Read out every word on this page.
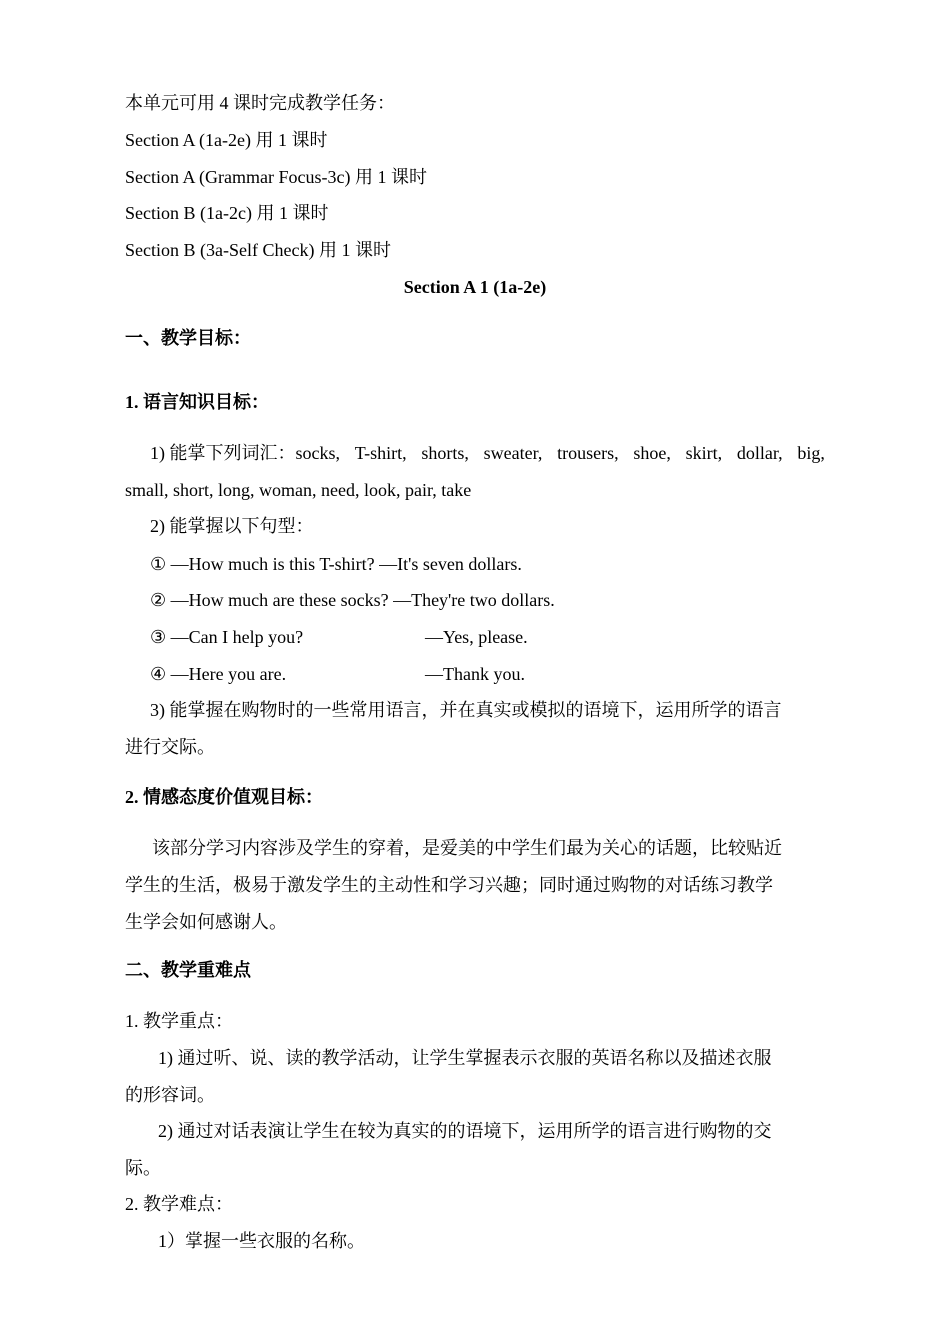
本单元可用 4 课时完成教学任务：
Section A (1a-2e) 用 1 课时
Section A (Grammar Focus-3c) 用 1 课时
Section B (1a-2c) 用 1 课时
Section B (3a-Self Check) 用 1 课时
Section A 1 (1a-2e)
一、教学目标：
1. 语言知识目标：
1) 能掌下列词汇：socks, T-shirt, shorts, sweater, trousers, shoe, skirt, dollar, big,
small, short, long, woman, need, look, pair, take
2) 能掌握以下句型：
① —How much is this T-shirt? —It's seven dollars.
② —How much are these socks? —They're two dollars.
③ —Can I help you?	—Yes, please.
④ —Here you are.	—Thank you.
3) 能掌握在购物时的一些常用语言，并在真实或模拟的语境下，运用所学的语言
进行交际。
2. 情感态度价值观目标：
该部分学习内容涉及学生的穿着，是爱美的中学生们最为关心的话题，比较贴近
学生的生活，极易于激发学生的主动性和学习兴趣；同时通过购物的对话练习教学
生学会如何感谢人。
二、教学重难点
1. 教学重点：
1) 通过听、说、读的教学活动，让学生掌握表示衣服的英语名称以及描述衣服
的形容词。
2) 通过对话表演让学生在较为真实的的语境下，运用所学的语言进行购物的交
际。
2. 教学难点：
1）掌握一些衣服的名称。
